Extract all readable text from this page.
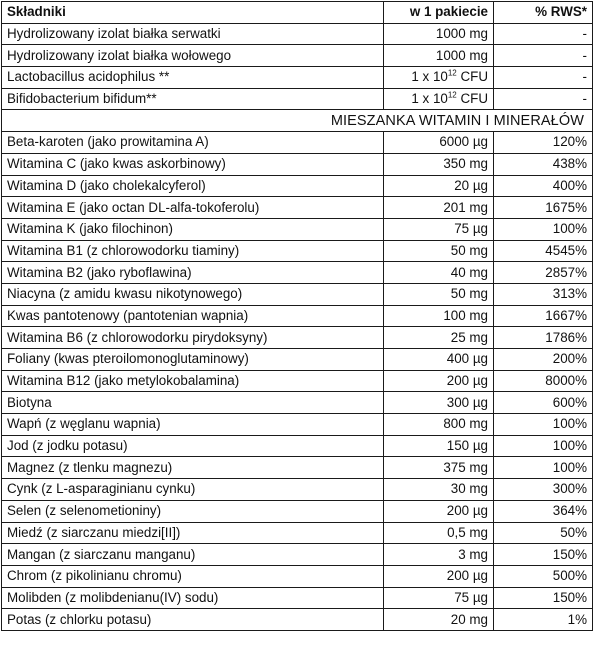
Składniki	w 1 pakiecie	% RWS*
Hydrolizowany izolat białka serwatki	1000 mg	-
Hydrolizowany izolat białka wołowego	1000 mg	-
Lactobacillus acidophilus **	1 x $10^{12}$ CFU	-
Bifidobacterium bifidum**	1 x $10^{12}$ CFU	-
MIESZANKA WITAMIN I MINERAŁÓW		
Beta-karoten (jako prowitamina A)	6000 µg	120%
Witamina C (jako kwas askorbinowy)	350 mg	438%
Witamina D (jako cholekalcyferol)	20 µg	400%
Witamina E (jako octan DL-alfa-tokoferolu)	201 mg	1675%
Witamina K (jako filochinon)	75 µg	100%
Witamina B1 (z chlorowodorku tiaminy)	50 mg	4545%
Witamina B2 (jako ryboflawina)	40 mg	2857%
Niacyna (z amidu kwasu nikotynowego)	50 mg	313%
Kwas pantotenowy (pantotenian wapnia)	100 mg	1667%
Witamina B6 (z chlorowodorku pirydoksyny)	25 mg	1786%
Foliany (kwas pteroilomonoglutaminowy)	400 µg	200%
Witamina B12 (jako metylokobalamina)	200 µg	8000%
Biotyna	300 µg	600%
Wapń (z węglanu wapnia)	800 mg	100%
Jod (z jodku potasu)	150 µg	100%
Magnez (z tlenku magnezu)	375 mg	100%
Cynk (z L-asparaginianu cynku)	30 mg	300%
Selen (z selenometioniny)	200 µg	364%
Miedź (z siarczanu miedzi[II])	0,5 mg	50%
Mangan (z siarczanu manganu)	3 mg	150%
Chrom (z pikolinianu chromu)	200 µg	500%
Molibden (z molibdenianu(IV) sodu)	75 µg	150%
Potas (z chlorku potasu)	20 mg	1%
